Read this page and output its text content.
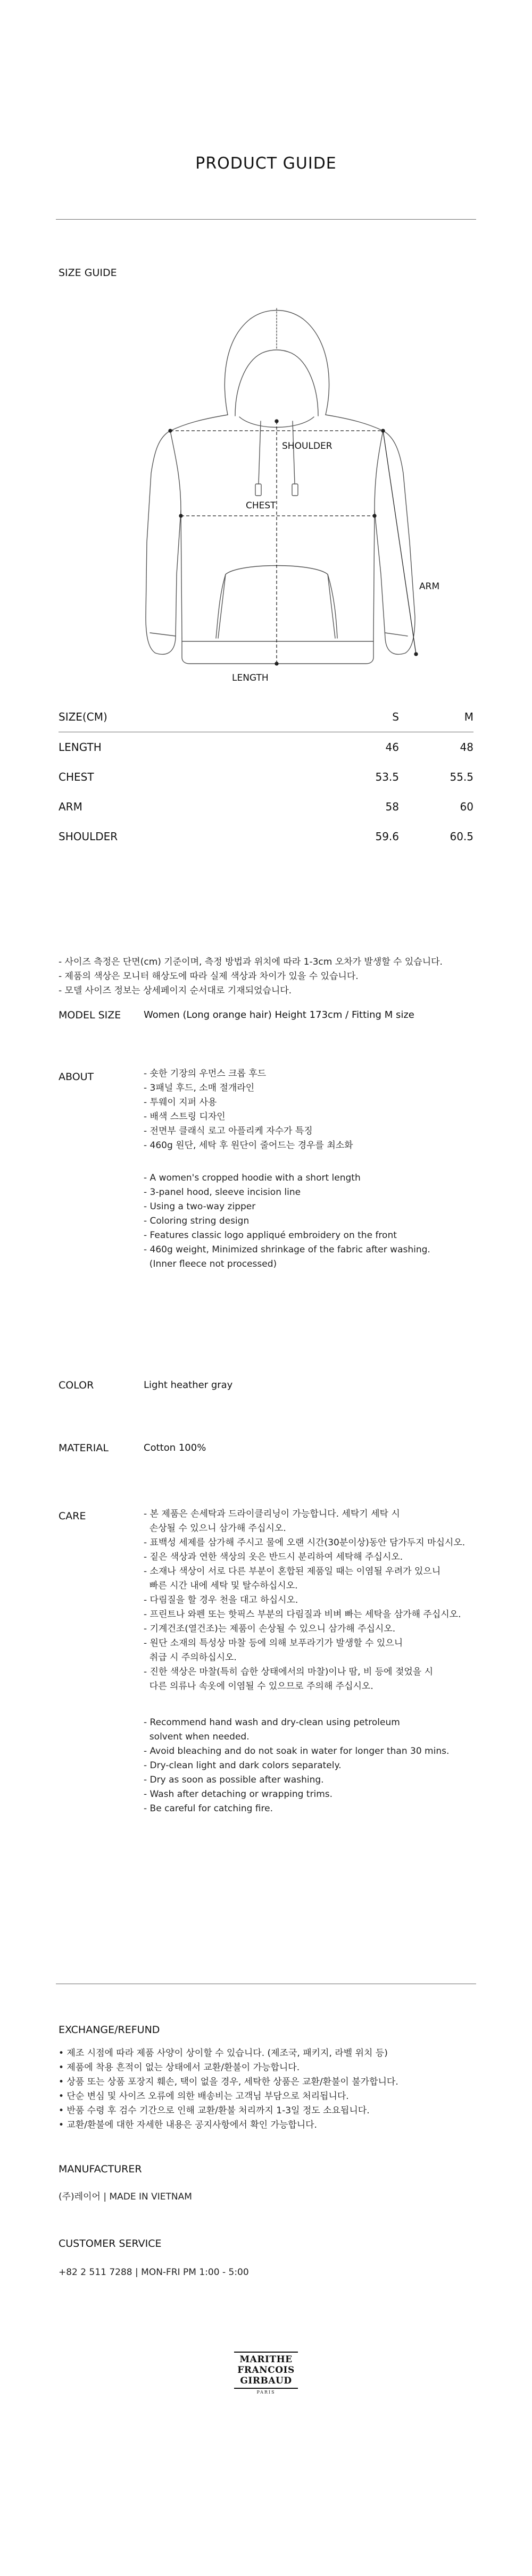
PRODUCT GUIDE
SIZE GUIDE
SHOULDER
CHEST
ARM
LENGTH
SIZE(CM)	S	M

LENGTH	46	48
CHEST	53.5	55.5
ARM	58	60
SHOULDER	59.6	60.5
- 사이즈 측정은 단면(cm) 기준이며, 측정 방법과 위치에 따라 1-3cm 오차가 발생할 수 있습니다.
- 제품의 색상은 모니터 해상도에 따라 실제 색상과 차이가 있을 수 있습니다.
- 모델 사이즈 정보는 상세페이지 순서대로 기재되었습니다.
MODEL SIZE Women (Long orange hair) Height 173cm / Fitting M size
ABOUT	- 숏한 기장의 우먼스 크롭 후드
- 3패널 후드, 소매 절개라인
- 투웨이 지퍼 사용
- 배색 스트링 디자인
- 전면부 클래식 로고 아플리케 자수가 특징
- 460g 원단, 세탁 후 원단이 줄어드는 경우를 최소화
- A women's cropped hoodie with a short length
- 3-panel hood, sleeve incision line
- Using a two-way zipper
- Coloring string design
- Features classic logo appliqué embroidery on the front
- 460g weight, Minimized shrinkage of the fabric after washing.
(Inner fleece not processed)
COLOR	Light heather gray
MATERIAL	Cotton 100%
CARE	- 본 제품은 손세탁과 드라이클리닝이 가능합니다. 세탁기 세탁 시
손상될 수 있으니 삼가해 주십시오.
- 표백성 세제를 삼가해 주시고 물에 오랜 시간(30분이상)동안 담가두지 마십시오.
- 짙은 색상과 연한 색상의 옷은 반드시 분리하여 세탁해 주십시오.
- 소재나 색상이 서로 다른 부분이 혼합된 제품일 때는 이염될 우려가 있으니
빠른 시간 내에 세탁 및 탈수하십시오.
- 다림질을 할 경우 천을 대고 하십시오.
- 프린트나 와펜 또는 핫픽스 부분의 다림질과 비벼 빠는 세탁을 삼가해 주십시오.
- 기계건조(열건조)는 제품이 손상될 수 있으니 삼가해 주십시오.
- 원단 소재의 특성상 마찰 등에 의해 보푸라기가 발생할 수 있으니
취급 시 주의하십시오.
- 진한 색상은 마찰(특히 습한 상태에서의 마찰)이나 땀, 비 등에 젖었을 시
다른 의류나 속옷에 이염될 수 있으므로 주의해 주십시오.
- Recommend hand wash and dry-clean using petroleum
solvent when needed.
- Avoid bleaching and do not soak in water for longer than 30 mins.
- Dry-clean light and dark colors separately.
- Dry as soon as possible after washing.
- Wash after detaching or wrapping trims.
- Be careful for catching fire.
EXCHANGE/REFUND
• 제조 시점에 따라 제품 사양이 상이할 수 있습니다. (제조국, 패키지, 라벨 위치 등)
• 제품에 착용 흔적이 없는 상태에서 교환/환불이 가능합니다.
• 상품 또는 상품 포장지 훼손, 택이 없을 경우, 세탁한 상품은 교환/환불이 불가합니다.
• 단순 변심 및 사이즈 오류에 의한 배송비는 고객님 부담으로 처리됩니다.
• 반품 수령 후 검수 기간으로 인해 교환/환불 처리까지 1-3일 정도 소요됩니다.
• 교환/환불에 대한 자세한 내용은 공지사항에서 확인 가능합니다.
MANUFACTURER
(주)레이어 | MADE IN VIETNAM
CUSTOMER SERVICE
+82 2 511 7288 | MON-FRI PM 1:00 - 5:00
MARITHE
FRANCOIS
GIRBAUD
PARIS
